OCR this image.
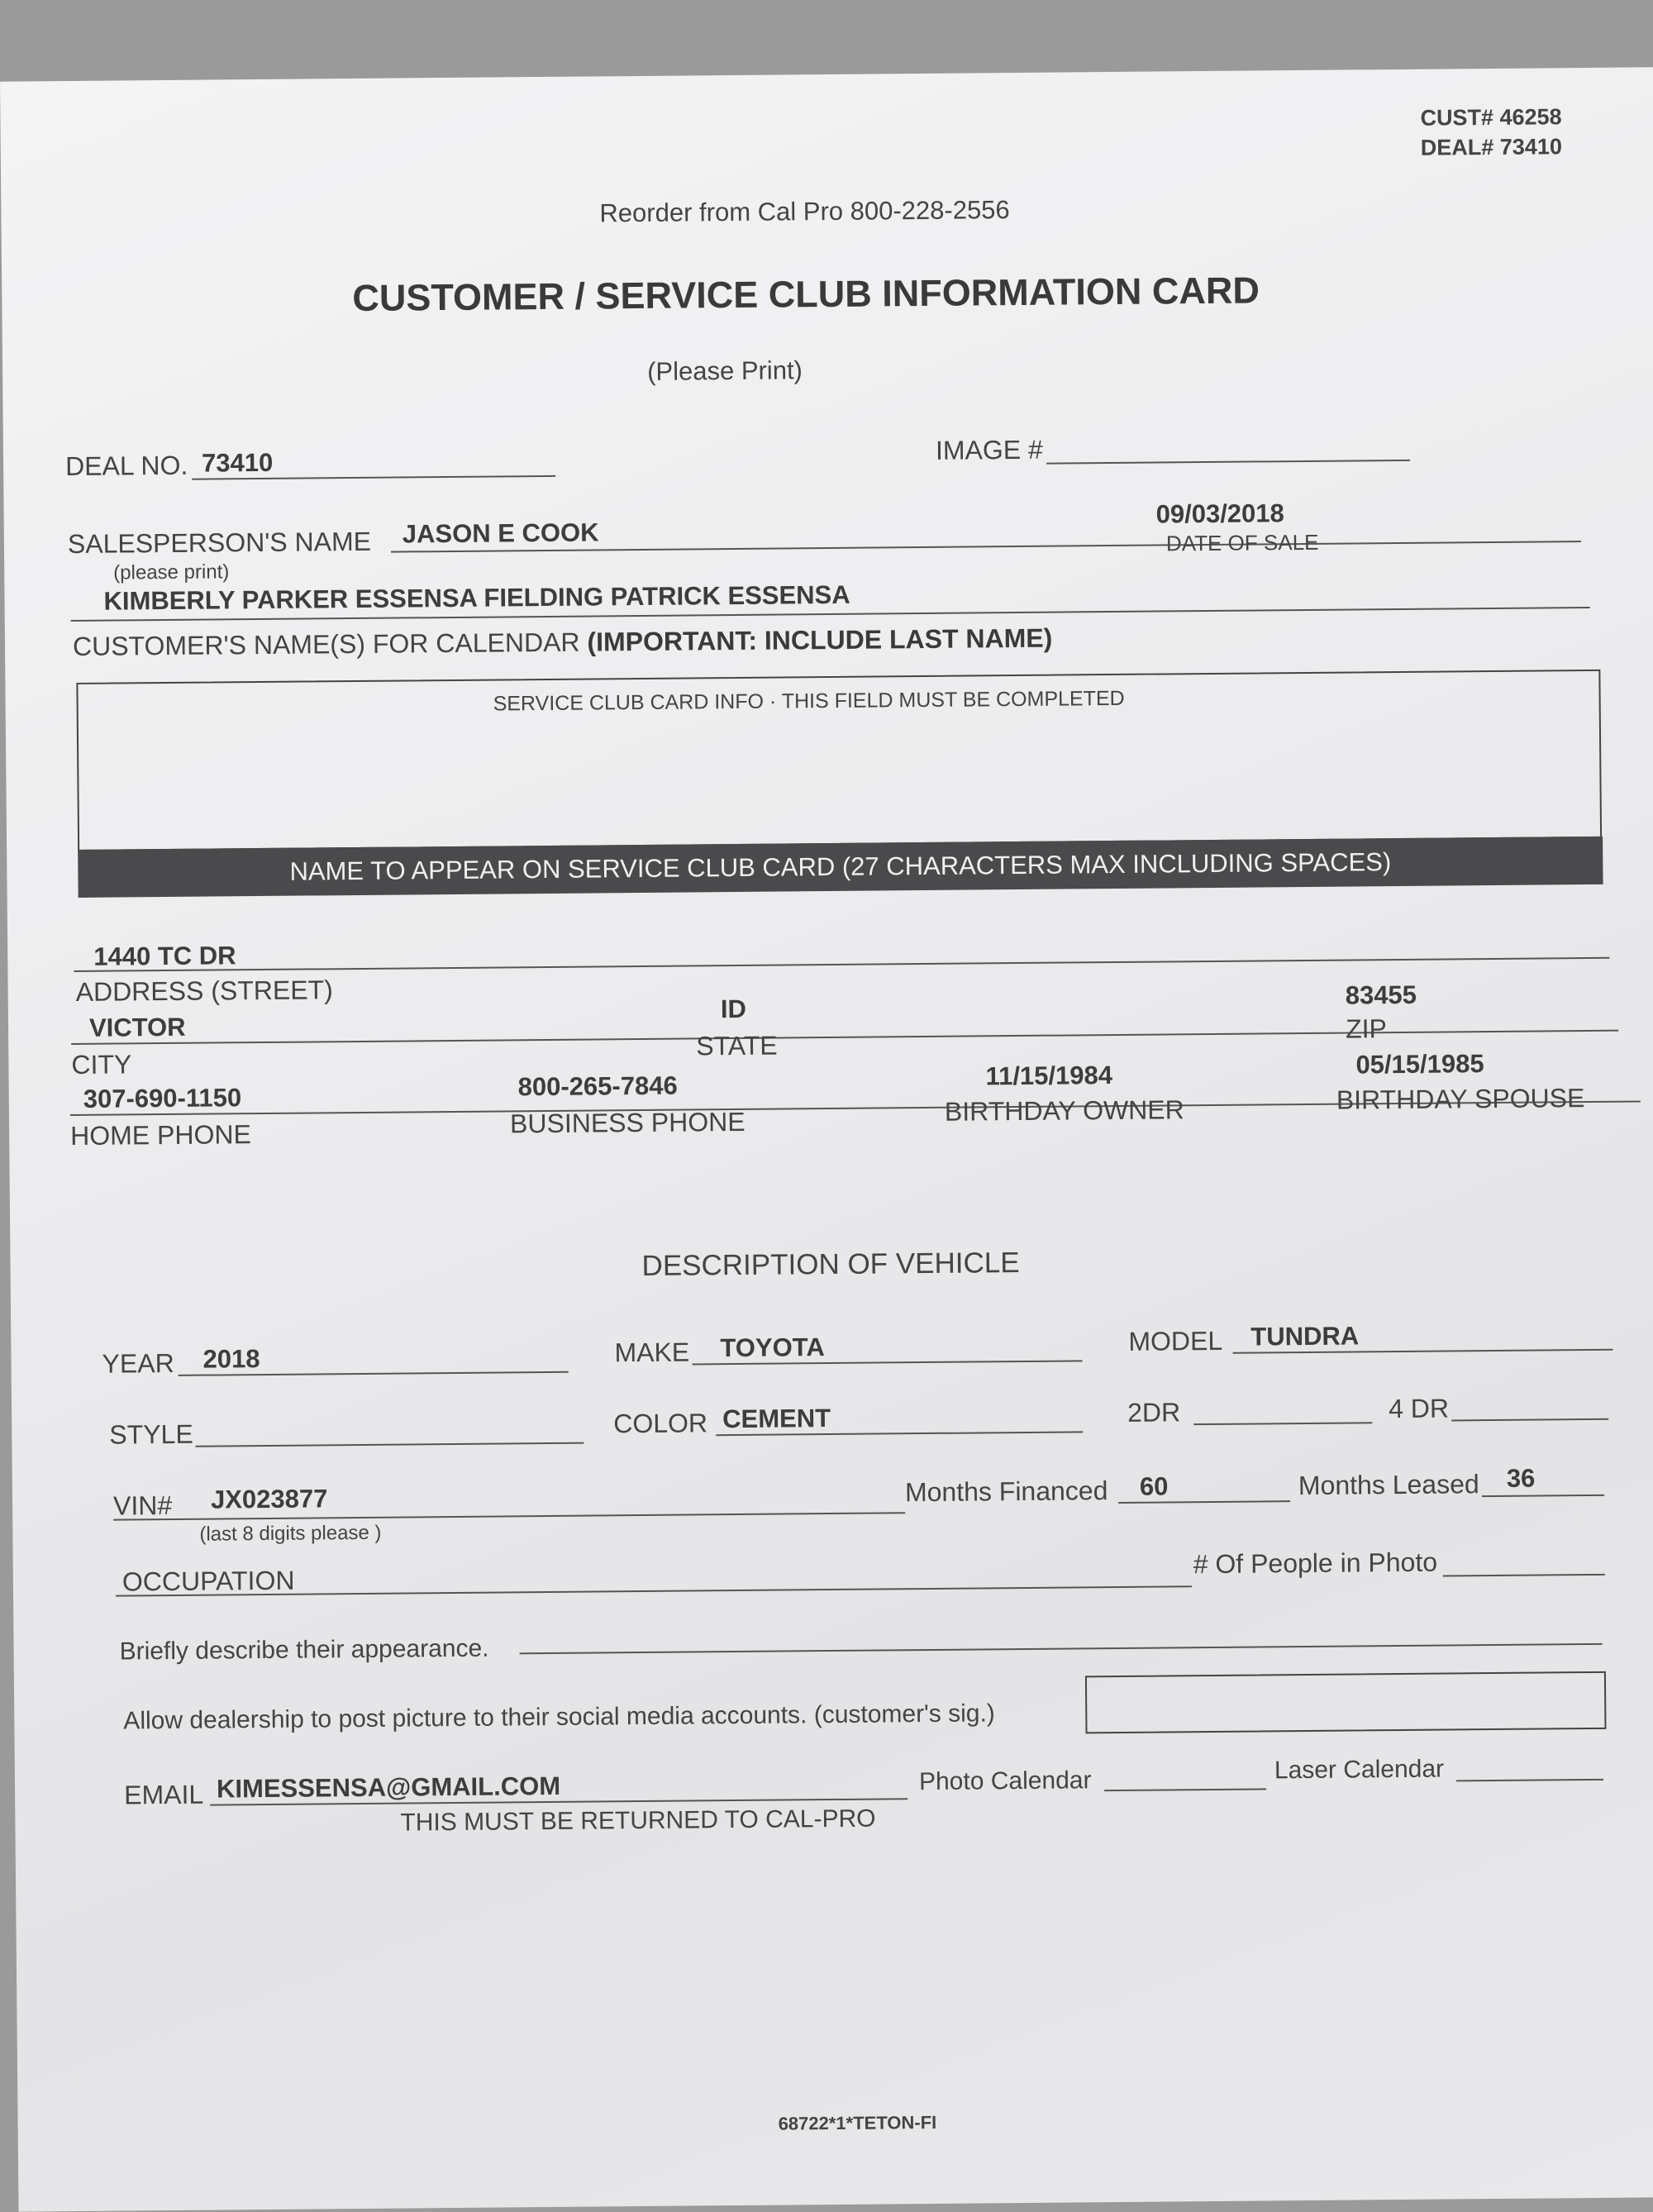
CUST# 46258
DEAL# 73410
Reorder from Cal Pro 800-228-2556
CUSTOMER / SERVICE CLUB INFORMATION CARD
(Please Print)
DEAL NO. 73410	IMAGE #
SALESPERSON'S NAME
(please print)
JASON E COOK
09/03/2018
DATE OF SALE
KIMBERLY PARKER ESSENSA FIELDING PATRICK ESSENSA
CUSTOMER'S NAME(S) FOR CALENDAR (IMPORTANT: INCLUDE LAST NAME)
SERVICE CLUB CARD INFO · THIS FIELD MUST BE COMPLETED
NAME TO APPEAR ON SERVICE CLUB CARD (27 CHARACTERS MAX INCLUDING SPACES)
1440 TC DR
ADDRESS (STREET)
VICTOR
CITY
ID
STATE
83455
ZIP
307-690-1150
HOME PHONE
800-265-7846
BUSINESS PHONE
11/15/1984
BIRTHDAY OWNER
05/15/1985
BIRTHDAY SPOUSE
DESCRIPTION OF VEHICLE
YEAR 2018	MAKE TOYOTA	MODEL TUNDRA
STYLE	COLOR CEMENT	2DR	4 DR
VIN# JX023877
(last 8 digits please )
Months Financed 60	Months Leased 36
OCCUPATION
# Of People in Photo
Briefly describe their appearance.
Allow dealership to post picture to their social media accounts. (customer's sig.)
EMAIL KIMESSENSA@GMAIL.COM	Photo Calendar	Laser Calendar
THIS MUST BE RETURNED TO CAL-PRO
68722*1*TETON-FI
